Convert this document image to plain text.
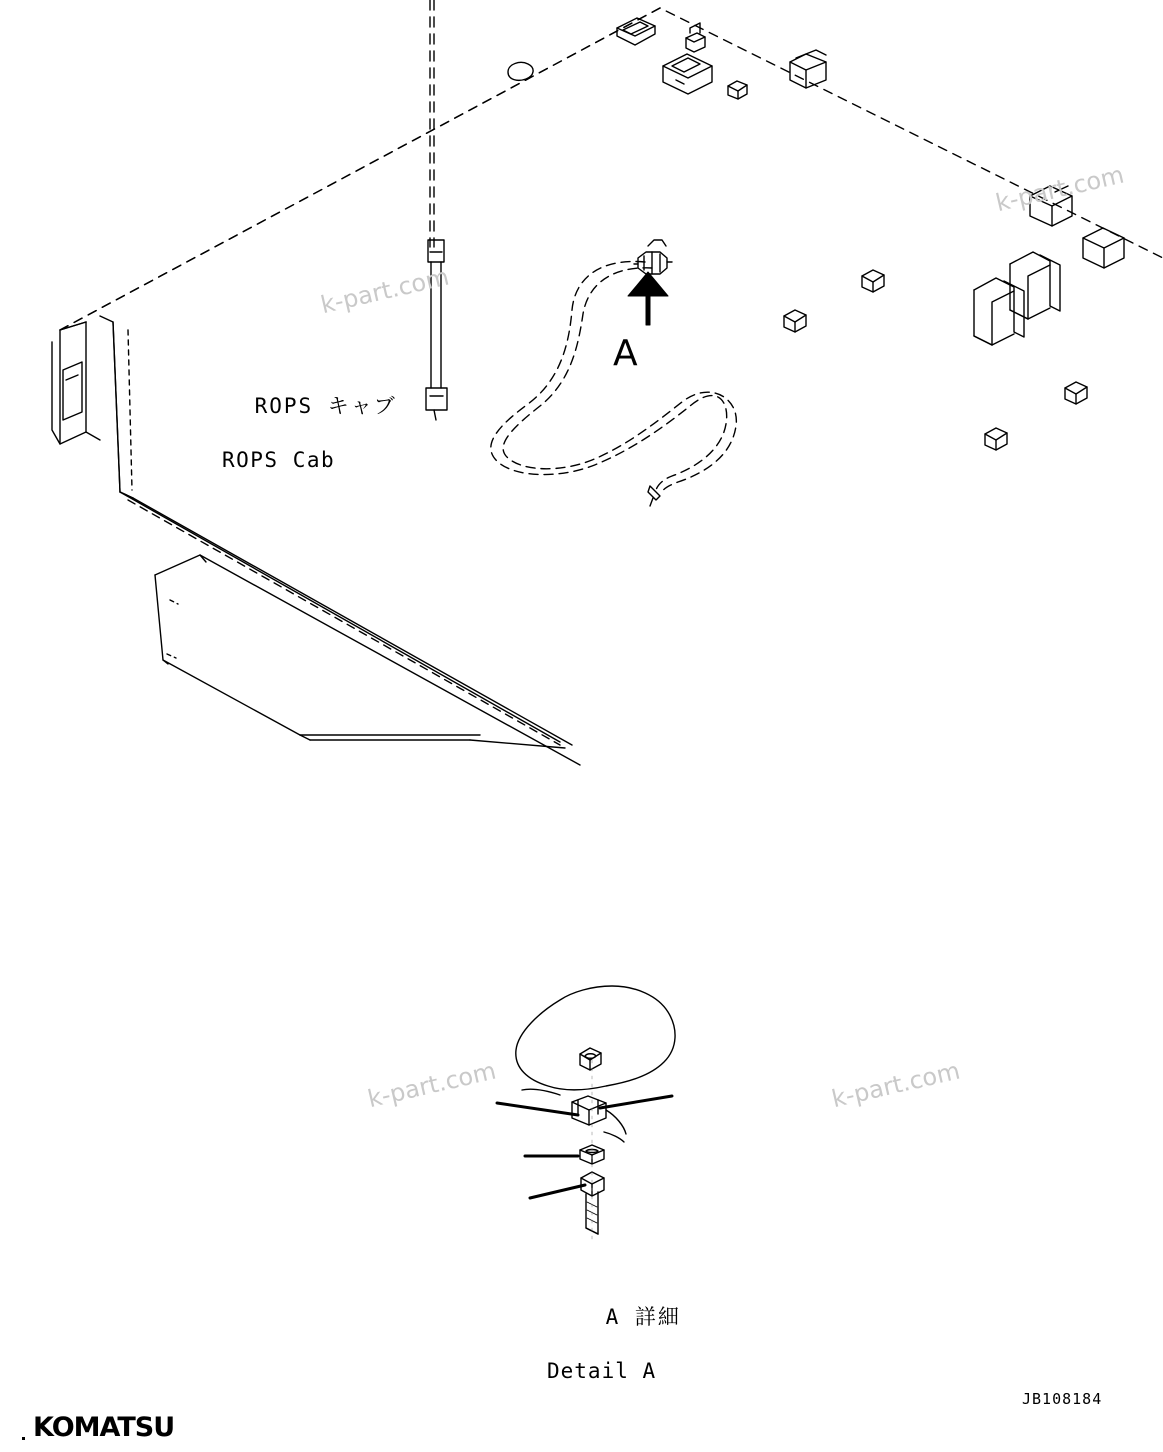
ROPS キャブ

ROPS Cab

A

A 詳細

Detail A

JB108184
k-part.com
k-part.com
k-part.com	k-part.com
KOMATSU
